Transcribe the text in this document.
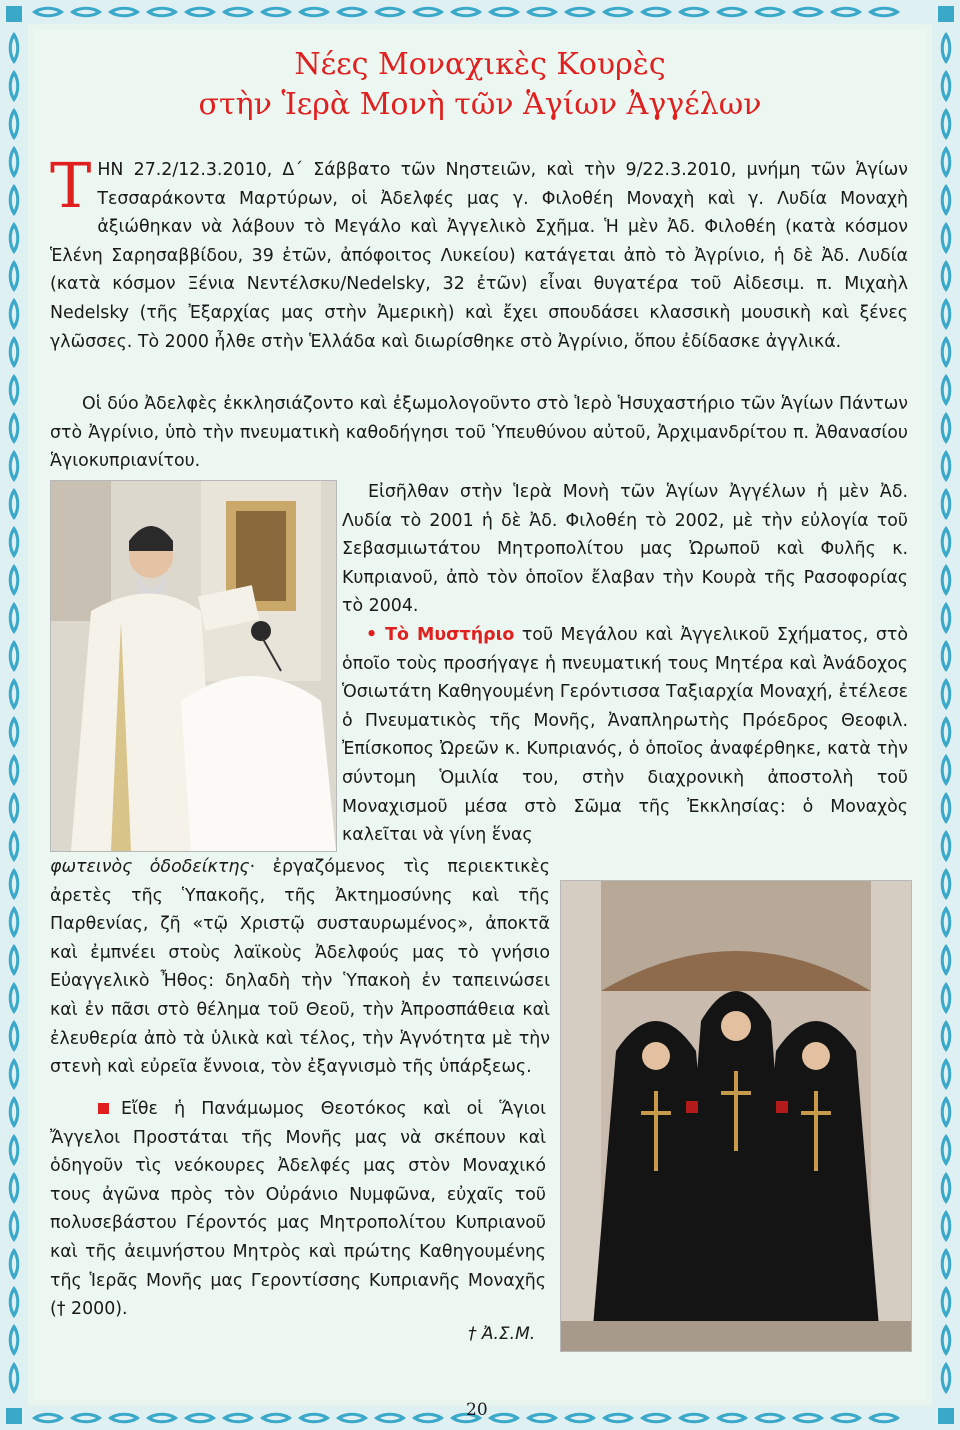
Νέες Μοναχικὲς Κουρὲς
στὴν Ἱερὰ Μονὴ τῶν Ἁγίων Ἀγγέλων

TΗΝ 27.2/12.3.2010, Δ΄ Σάββατο τῶν Νηστειῶν, καὶ τὴν 9/22.3.2010, μνήμη τῶν Ἁγίων Τεσσαράκοντα Μαρτύρων, οἱ Ἀδελφές μας γ. Φιλοθέη Μοναχὴ καὶ γ. Λυδία Μοναχὴ ἀξιώθηκαν νὰ λάβουν τὸ Μεγάλο καὶ Ἀγγελικὸ Σχῆμα. Ἡ μὲν Ἀδ. Φιλοθέη (κατὰ κόσμον Ἑλένη Σαρησαββίδου, 39 ἐτῶν, ἀπόφοιτος Λυκείου) κατάγεται ἀπὸ τὸ Ἀγρίνιο, ἡ δὲ Ἀδ. Λυδία (κατὰ κόσμον Ξένια Νεντέλσκυ/Nedelsky, 32 ἐτῶν) εἶναι θυγατέρα τοῦ Αἰδεσιμ. π. Μιχαὴλ Nedelsky (τῆς Ἐξαρχίας μας στὴν Ἀμερικὴ) καὶ ἔχει σπουδάσει κλασσικὴ μουσικὴ καὶ ξένες γλῶσσες. Τὸ 2000 ἦλθε στὴν Ἑλλάδα καὶ διωρίσθηκε στὸ Ἀγρίνιο, ὅπου ἐδίδασκε ἀγγλικά.

Οἱ δύο Ἀδελφὲς ἐκκλησιάζοντο καὶ ἐξωμολογοῦντο στὸ Ἱερὸ Ἡσυχαστήριο τῶν Ἁγίων Πάντων στὸ Ἀγρίνιο, ὑπὸ τὴν πνευματικὴ καθοδήγησι τοῦ Ὑπευθύνου αὐτοῦ, Ἀρχιμανδρίτου π. Ἀθανασίου Ἁγιοκυπριανίτου.

Εἰσῆλθαν στὴν Ἱερὰ Μονὴ τῶν Ἁγίων Ἀγγέλων ἡ μὲν Ἀδ. Λυδία τὸ 2001 ἡ δὲ Ἀδ. Φιλοθέη τὸ 2002, μὲ τὴν εὐλογία τοῦ Σεβασμιωτάτου Μητροπολίτου μας Ὠρωποῦ καὶ Φυλῆς κ. Κυπριανοῦ, ἀπὸ τὸν ὁποῖον ἔλαβαν τὴν Κουρὰ τῆς Ρασοφορίας τὸ 2004.

• Τὸ Μυστήριο τοῦ Μεγάλου καὶ Ἀγγελικοῦ Σχήματος, στὸ ὁποῖο τοὺς προσήγαγε ἡ πνευματική τους Μητέρα καὶ Ἀνάδοχος Ὁσιωτάτη Καθηγουμένη Γερόντισσα Ταξιαρχία Μοναχή, ἐτέλεσε ὁ Πνευματικὸς τῆς Μονῆς, Ἀναπληρωτὴς Πρόεδρος Θεοφιλ. Ἐπίσκοπος Ὠρεῶν κ. Κυπριανός, ὁ ὁποῖος ἀναφέρθηκε, κατὰ τὴν σύντομη Ὁμιλία του, στὴν διαχρονικὴ ἀποστολὴ τοῦ Μοναχισμοῦ μέσα στὸ Σῶμα τῆς Ἐκκλησίας: ὁ Μοναχὸς καλεῖται νὰ γίνη ἕνας

φωτεινὸς ὁδοδείκτης· ἐργαζόμενος τὶς περιεκτικὲς ἀρετὲς τῆς Ὑπακοῆς, τῆς Ἀκτημοσύνης καὶ τῆς Παρθενίας, ζῆ «τῷ Χριστῷ συσταυρωμένος», ἀποκτᾶ καὶ ἐμπνέει στοὺς λαϊκοὺς Ἀδελφούς μας τὸ γνήσιο Εὐαγγελικὸ Ἦθος: δηλαδὴ τὴν Ὑπακοὴ ἐν ταπεινώσει καὶ ἐν πᾶσι στὸ θέλημα τοῦ Θεοῦ, τὴν Ἀπροσπάθεια καὶ ἐλευθερία ἀπὸ τὰ ὑλικὰ καὶ τέλος, τὴν Ἁγνότητα μὲ τὴν στενὴ καὶ εὐρεῖα ἔννοια, τὸν ἐξαγνισμὸ τῆς ὑπάρξεως.

Εἴθε ἡ Πανάμωμος Θεοτόκος καὶ οἱ Ἅγιοι Ἄγγελοι Προστάται τῆς Μονῆς μας νὰ σκέπουν καὶ ὁδηγοῦν τὶς νεόκουρες Ἀδελφές μας στὸν Μοναχικό τους ἀγῶνα πρὸς τὸν Οὐράνιο Νυμφῶνα, εὐχαῖς τοῦ πολυσεβάστου Γέροντός μας Μητροπολίτου Κυπριανοῦ καὶ τῆς ἀειμνήστου Μητρὸς καὶ πρώτης Καθηγουμένης τῆς Ἱερᾶς Μονῆς μας Γεροντίσσης Κυπριανῆς Μοναχῆς († 2000).

† Ἀ.Σ.Μ.
20
